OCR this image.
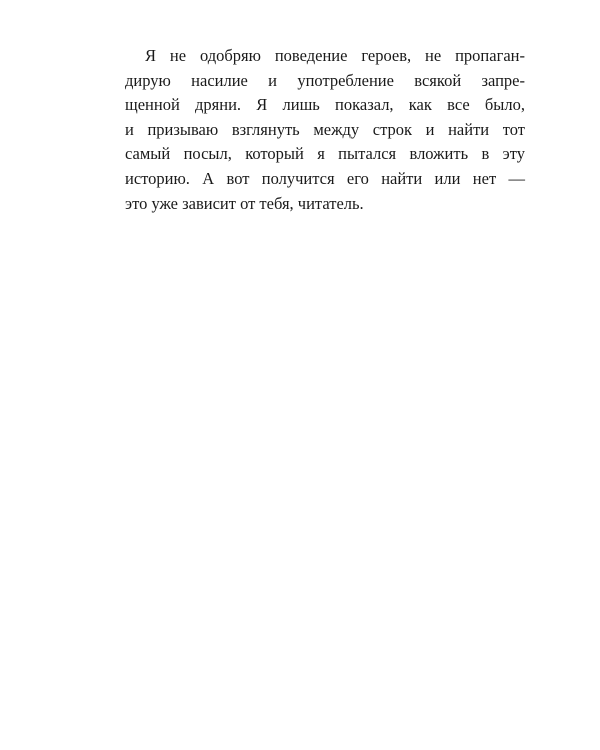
Я не одобряю поведение героев, не пропаган-
дирую насилие и употребление всякой запре-
щенной дряни. Я лишь показал, как все было,
и призываю взглянуть между строк и найти тот
самый посыл, который я пытался вложить в эту
историю. А вот получится его найти или нет —
это уже зависит от тебя, читатель.
